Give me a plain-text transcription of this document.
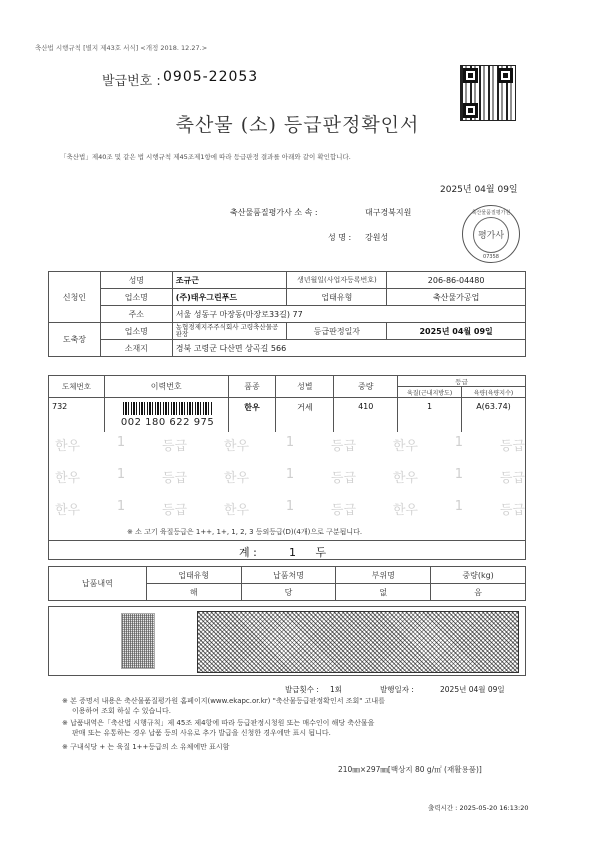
축산법 시행규칙 [별지 제43호 서식] <개정 2018. 12.27.>
발급번호 : 0905-22053
축산물 (소) 등급판정확인서
「축산법」제40조 및 같은 법 시행규칙 제45조제1항에 따라 등급판정 결과를 아래와 같이 확인합니다.
2025년 04월 09일
축산물품질평가사 소 속 :	대구경북지원
성 명 : 강원성
축산물품질평가원
평가사
07358
신청인	성명	조규근	생년월일(사업자등록번호)	206-86-04480
	업소명	(주)태우그린푸드	업태유형	축산물가공업
	주소	서울 성동구 마장동(마장로33길) 77		
도축장	업소명	농협경제지주주식회사 고령축산물공판장	등급판정일자	2025년 04월 09일
	소재지	경북 고령군 다산면 상곡길 566		
도체번호	이력번호	품종	성별	중량	등급	
					육질(근내지방도)	육량(육량지수)
732	002 180 622 975	한우	거세	410	1	A(63.74)
한우	1	등급	한우	1	등급	한우	1	등급
한우	1	등급	한우	1	등급	한우	1	등급
한우	1	등급	한우	1	등급	한우	1	등급
※ 소 고기 육질등급은 1++, 1+, 1, 2, 3 등외등급(D)(4개)으로 구분됩니다.
계 :	1 두
납품내역	업태유형	납품처명	부위명	중량(kg)
	해	당	없	음
발급횟수 : 1회	발행일자 :	2025년 04월 09일
※ 본 증명서 내용은 축산물품질평가원 홈페이지(www.ekapc.or.kr) "축산물등급판정확인서 조회" 고내를
이용하여 조회 하실 수 있습니다.
※ 납품내역은「축산법 시행규칙」제 45조 제4항에 따라 등급판정시청원 또는 매수인이 해당 축산물을
판매 또는 유통하는 경우 납품 등의 사유로 추가 발급을 신청한 경우에만 표시 됩니다.
※ 구내식당 + 는 육질 1++등급의 소 유체에만 표시함
210㎜×297㎜[백상지 80 g/㎡ (재활용품)]
출력시간 : 2025-05-20 16:13:20
